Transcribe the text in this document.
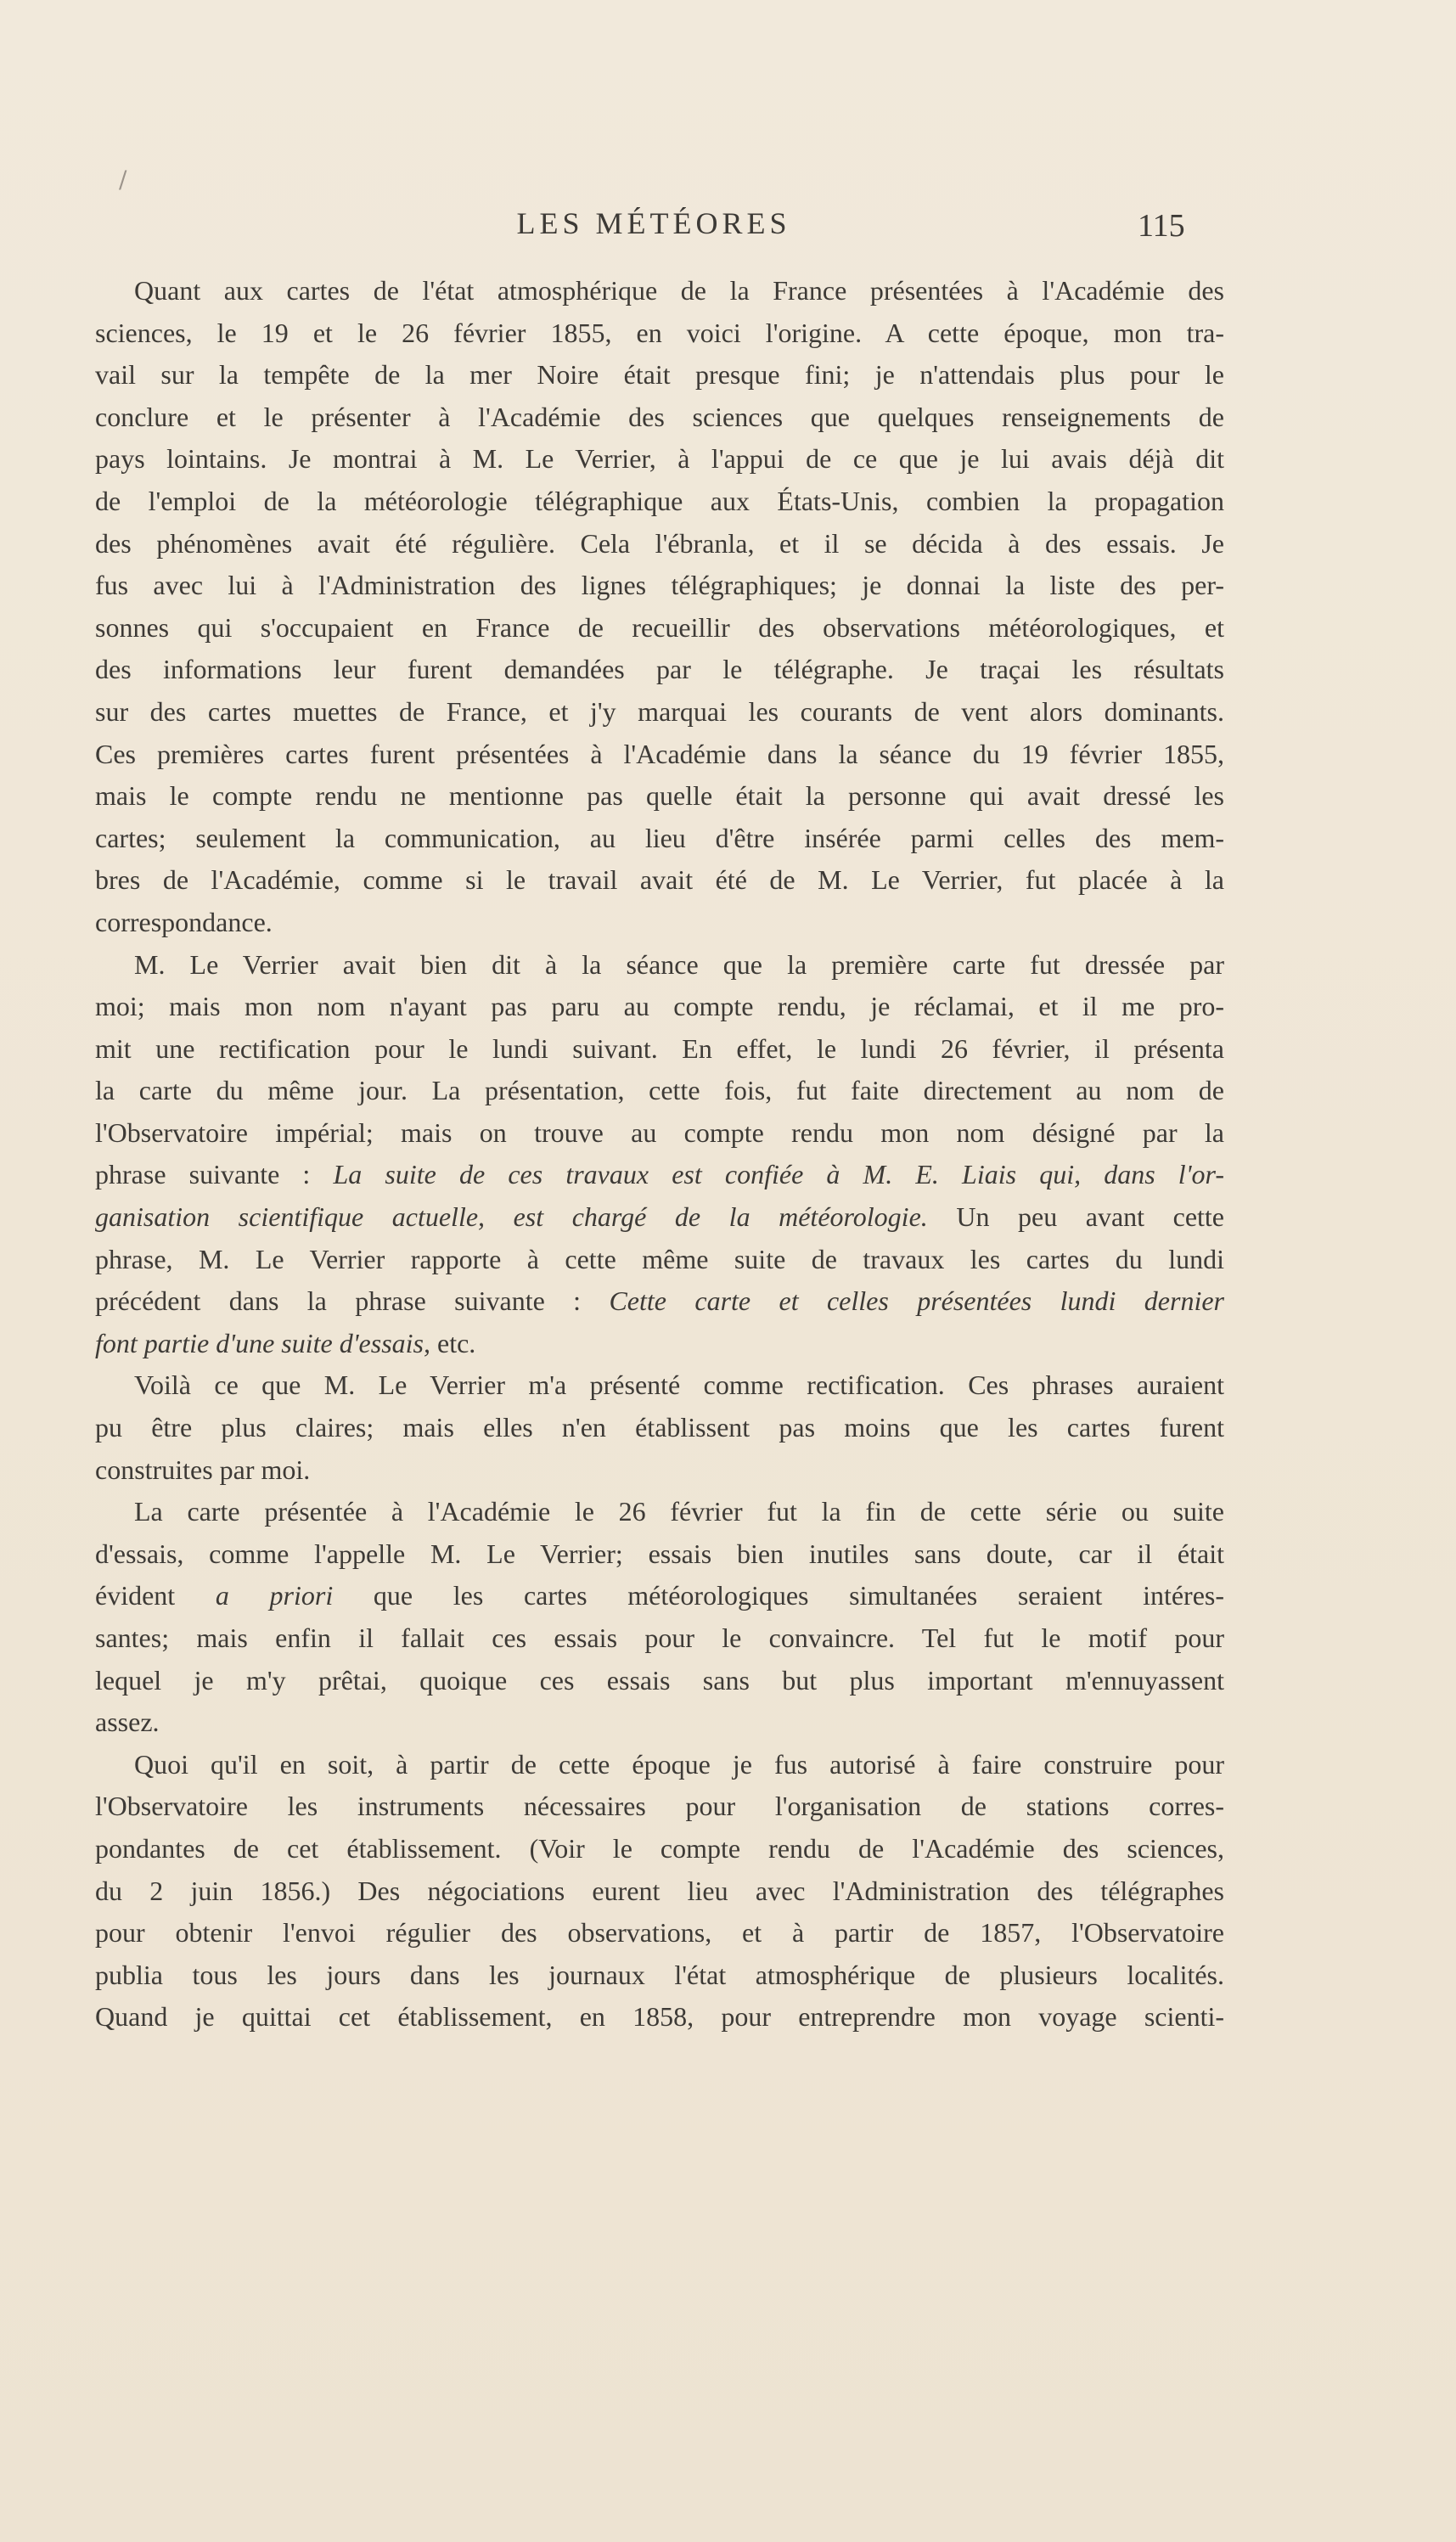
/
LES MÉTÉORES	115
Quant aux cartes de l'état atmosphérique de la France présentées à l'Académie des
sciences, le 19 et le 26 février 1855, en voici l'origine. A cette époque, mon tra-
vail sur la tempête de la mer Noire était presque fini; je n'attendais plus pour le
conclure et le présenter à l'Académie des sciences que quelques renseignements de
pays lointains. Je montrai à M. Le Verrier, à l'appui de ce que je lui avais déjà dit
de l'emploi de la météorologie télégraphique aux États-Unis, combien la propagation
des phénomènes avait été régulière. Cela l'ébranla, et il se décida à des essais. Je
fus avec lui à l'Administration des lignes télégraphiques; je donnai la liste des per-
sonnes qui s'occupaient en France de recueillir des observations météorologiques, et
des informations leur furent demandées par le télégraphe. Je traçai les résultats
sur des cartes muettes de France, et j'y marquai les courants de vent alors dominants.
Ces premières cartes furent présentées à l'Académie dans la séance du 19 février 1855,
mais le compte rendu ne mentionne pas quelle était la personne qui avait dressé les
cartes; seulement la communication, au lieu d'être insérée parmi celles des mem-
bres de l'Académie, comme si le travail avait été de M. Le Verrier, fut placée à la
correspondance.
M. Le Verrier avait bien dit à la séance que la première carte fut dressée par
moi; mais mon nom n'ayant pas paru au compte rendu, je réclamai, et il me pro-
mit une rectification pour le lundi suivant. En effet, le lundi 26 février, il présenta
la carte du même jour. La présentation, cette fois, fut faite directement au nom de
l'Observatoire impérial; mais on trouve au compte rendu mon nom désigné par la
phrase suivante : La suite de ces travaux est confiée à M. E. Liais qui, dans l'or-
ganisation scientifique actuelle, est chargé de la météorologie. Un peu avant cette
phrase, M. Le Verrier rapporte à cette même suite de travaux les cartes du lundi
précédent dans la phrase suivante : Cette carte et celles présentées lundi dernier
font partie d'une suite d'essais, etc.
Voilà ce que M. Le Verrier m'a présenté comme rectification. Ces phrases auraient
pu être plus claires; mais elles n'en établissent pas moins que les cartes furent
construites par moi.
La carte présentée à l'Académie le 26 février fut la fin de cette série ou suite
d'essais, comme l'appelle M. Le Verrier; essais bien inutiles sans doute, car il était
évident a priori que les cartes météorologiques simultanées seraient intéres-
santes; mais enfin il fallait ces essais pour le convaincre. Tel fut le motif pour
lequel je m'y prêtai, quoique ces essais sans but plus important m'ennuyassent
assez.
Quoi qu'il en soit, à partir de cette époque je fus autorisé à faire construire pour
l'Observatoire les instruments nécessaires pour l'organisation de stations corres-
pondantes de cet établissement. (Voir le compte rendu de l'Académie des sciences,
du 2 juin 1856.) Des négociations eurent lieu avec l'Administration des télégraphes
pour obtenir l'envoi régulier des observations, et à partir de 1857, l'Observatoire
publia tous les jours dans les journaux l'état atmosphérique de plusieurs localités.
Quand je quittai cet établissement, en 1858, pour entreprendre mon voyage scienti-
